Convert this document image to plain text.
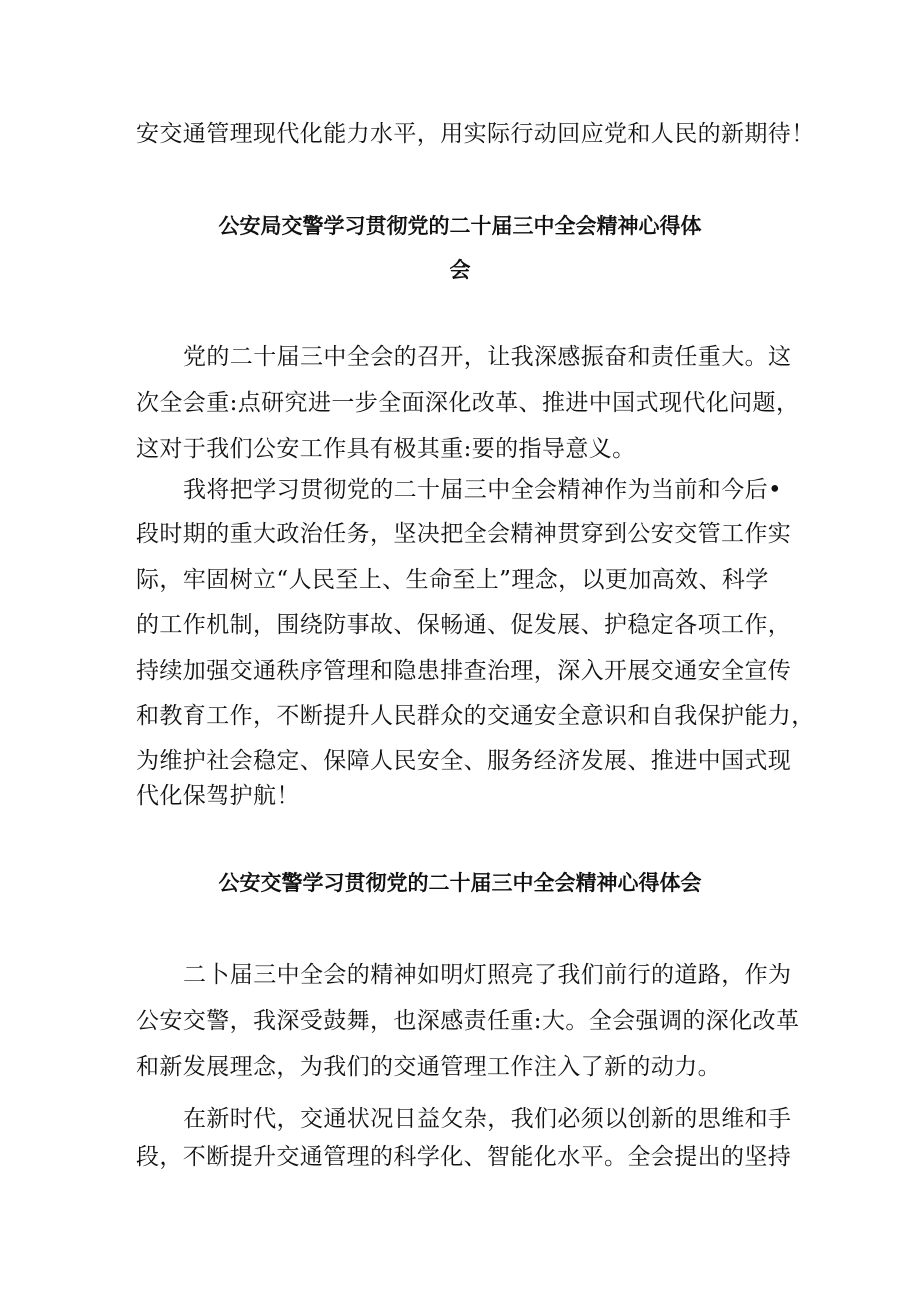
安交通管理现代化能力水平，用实际行动回应党和人民的新期待！
公安局交警学习贯彻党的二十届三中全会精神心得体
会
党的二十届三中全会的召开，让我深感振奋和责任重大。这
次全会重:点研究进一步全面深化改革、推进中国式现代化问题，
这对于我们公安工作具有极其重:要的指导意义。
我将把学习贯彻党的二十届三中全会精神作为当前和今后•
段时期的重大政治任务，坚决把全会精神贯穿到公安交管工作实
际，牢固树立“人民至上、生命至上”理念，以更加高效、科学
的工作机制，围绕防事故、保畅通、促发展、护稳定各项工作，
持续加强交通秩序管理和隐患排查治理，深入开展交通安全宣传
和教育工作，不断提升人民群众的交通安全意识和自我保护能力，
为维护社会稳定、保障人民安全、服务经济发展、推进中国式现
代化保驾护航！
公安交警学习贯彻党的二十届三中全会精神心得体会
二卜届三中全会的精神如明灯照亮了我们前行的道路，作为
公安交警，我深受鼓舞，也深感责任重:大。全会强调的深化改革
和新发展理念，为我们的交通管理工作注入了新的动力。
在新时代，交通状况日益攵杂，我们必须以创新的思维和手
段，不断提升交通管理的科学化、智能化水平。全会提出的坚持
